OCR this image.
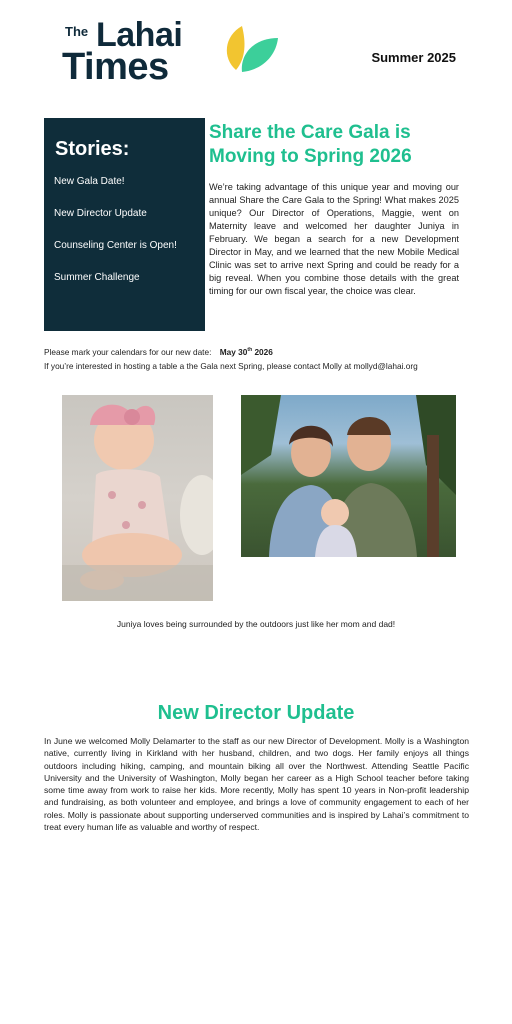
The Lahai
Times	Summer 2025
Stories:
New Gala Date!
New Director Update
Counseling Center is Open!
Summer Challenge
Share the Care Gala is Moving to Spring 2026
We’re taking advantage of this unique year and moving our annual Share the Care Gala to the Spring! What makes 2025 unique? Our Director of Operations, Maggie, went on Maternity leave and welcomed her daughter Juniya in February. We began a search for a new Development Director in May, and we learned that the new Mobile Medical Clinic was set to arrive next Spring and could be ready for a big reveal. When you combine those details with the great timing for our own fiscal year, the choice was clear.
Please mark your calendars for our new date: May 30th 2026
If you’re interested in hosting a table a the Gala next Spring, please contact Molly at mollyd@lahai.org
Juniya loves being surrounded by the outdoors just like her mom and dad!
New Director Update
In June we welcomed Molly Delamarter to the staff as our new Director of Development. Molly is a Washington native, currently living in Kirkland with her husband, children, and two dogs. Her family enjoys all things outdoors including hiking, camping, and mountain biking all over the Northwest. Attending Seattle Pacific University and the University of Washington, Molly began her career as a High School teacher before taking some time away from work to raise her kids. More recently, Molly has spent 10 years in Non-profit leadership and fundraising, as both volunteer and employee, and brings a love of community engagement to each of her roles. Molly is passionate about supporting underserved communities and is inspired by Lahai’s commitment to treat every human life as valuable and worthy of respect.
